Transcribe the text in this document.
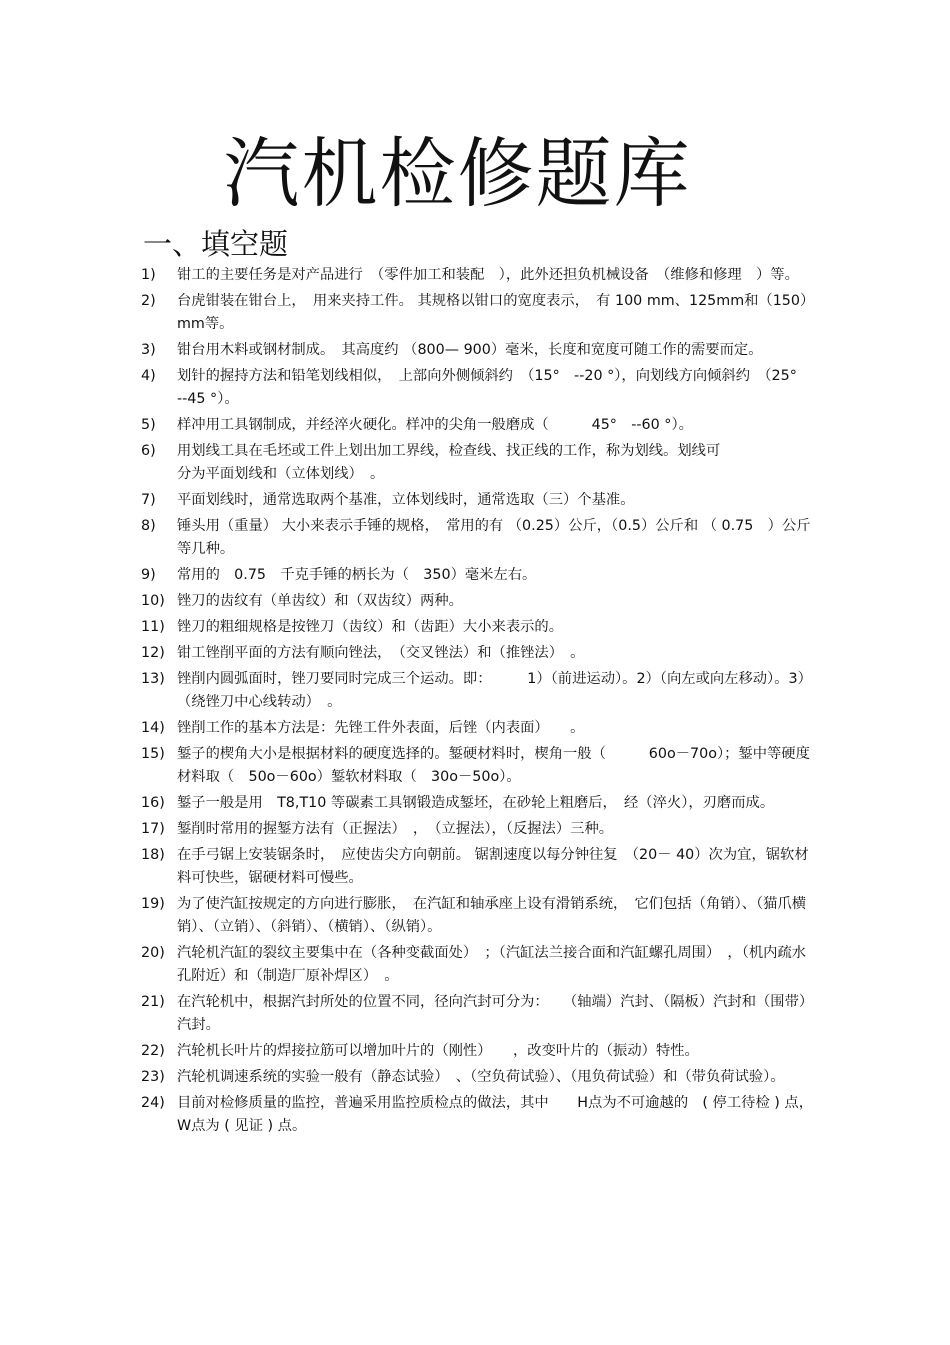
汽机检修题库
一、填空题
1)	钳工的主要任务是对产品进行　（零件加工和装配　），此外还担负机械设备　（维修和修理　）等。
2)	台虎钳装在钳台上，　用来夹持工件。 其规格以钳口的宽度表示，　有 100 mm、125mm和（150）mm等。
3)	钳台用木料或钢材制成。　其高度约 （800— 900）毫米，长度和宽度可随工作的需要而定。
4)	划针的握持方法和铅笔划线相似，　上部向外侧倾斜约　（15°　--20 °），向划线方向倾斜约　（25°　--45 °）。
5)	样冲用工具钢制成，并经淬火硬化。样冲的尖角一般磨成（　　　45°　--60 °）。
6)	用划线工具在毛坯或工件上划出加工界线，检查线、找正线的工作，称为划线。划线可
分为平面划线和（立体划线）　。
7)	平面划线时，通常选取两个基准，立体划线时，通常选取（三）个基准。
8)	锤头用（重量） 大小来表示手锤的规格，　常用的有 （0.25）公斤，（0.5）公斤和 （ 0.75　）公斤等几种。
9)	常用的　0.75　千克手锤的柄长为（　350）毫米左右。
10) 锉刀的齿纹有（单齿纹）和（双齿纹）两种。
11) 锉刀的粗细规格是按锉刀（齿纹）和（齿距）大小来表示的。
12) 钳工锉削平面的方法有顺向锉法，　（交叉锉法）和（推锉法）　。
13) 锉削内圆弧面时，锉刀要同时完成三个运动。即：　　　1）（前进运动）。2）（向左或向左移动）。3）（绕锉刀中心线转动）　。
14) 锉削工作的基本方法是：先锉工件外表面，后锉（内表面）　　。
15) 錾子的楔角大小是根据材料的硬度选择的。錾硬材料时，楔角一般（　　　60o－70o）；錾中等硬度材料取（　50o－60o）錾软材料取（　30o－50o）。
16) 錾子一般是用　T8,T10 等碳素工具钢锻造成錾坯，在砂轮上粗磨后，　经（淬火），刃磨而成。
17) 錾削时常用的握錾方法有（正握法）　，　（立握法），（反握法）三种。
18) 在手弓锯上安装锯条时，　应使齿尖方向朝前。 锯割速度以每分钟往复　（20－ 40）次为宜，锯软材料可快些，锯硬材料可慢些。
19) 为了使汽缸按规定的方向进行膨胀，　在汽缸和轴承座上设有滑销系统，　它们包括（角销）、（猫爪横销）、（立销）、（斜销）、（横销）、（纵销）。
20) 汽轮机汽缸的裂纹主要集中在（各种变截面处）　；（汽缸法兰接合面和汽缸螺孔周围）　，（机内疏水孔附近）和（制造厂原补焊区）　。
21) 在汽轮机中，根据汽封所处的位置不同，径向汽封可分为：　　（轴端）汽封、（隔板）汽封和（围带）汽封。
22) 汽轮机长叶片的焊接拉筋可以增加叶片的（刚性）　　，改变叶片的（振动）特性。
23) 汽轮机调速系统的实验一般有（静态试验）　、（空负荷试验）、（甩负荷试验）和（带负荷试验）。
24) 目前对检修质量的监控，普遍采用监控质检点的做法，其中　　H点为不可逾越的　( 停工待检 ) 点，　W点为 ( 见证 ) 点。
